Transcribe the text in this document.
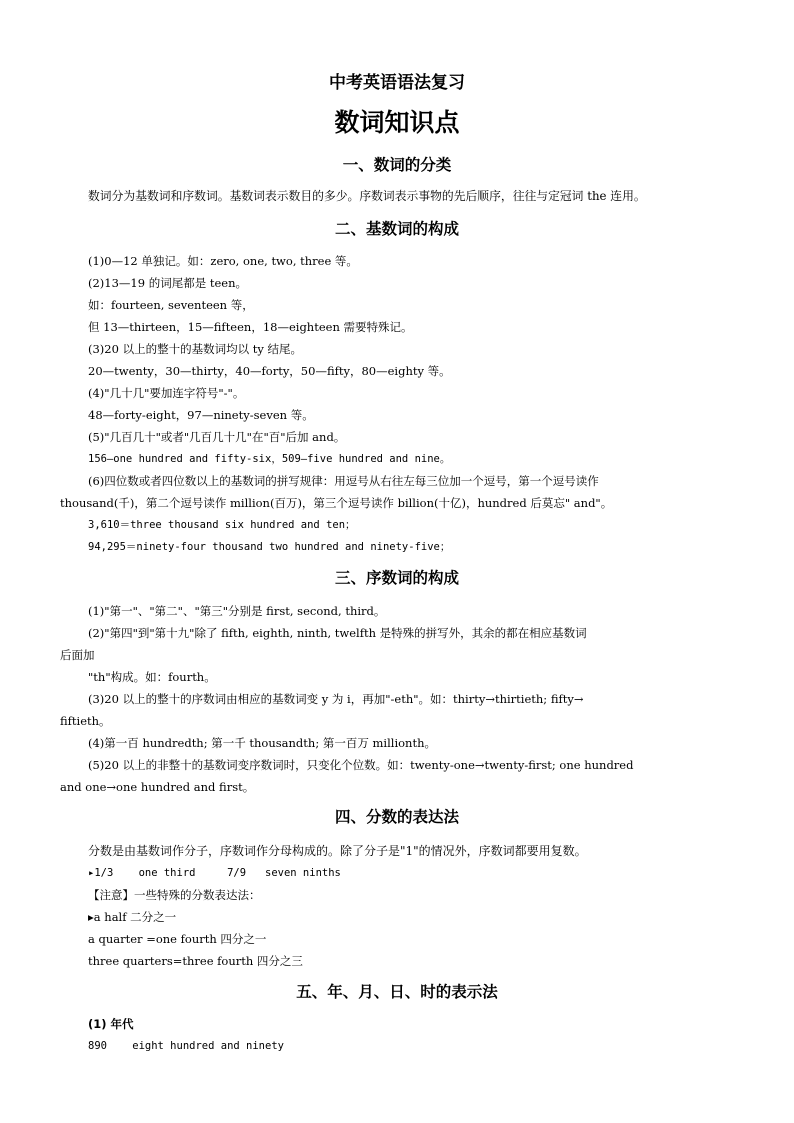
中考英语语法复习
数词知识点
一、数词的分类
数词分为基数词和序数词。基数词表示数目的多少。序数词表示事物的先后顺序，往往与定冠词 the 连用。
二、基数词的构成
(1)0—12 单独记。如：zero, one, two, three 等。
(2)13—19 的词尾都是 teen。
如：fourteen, seventeen 等，
但 13—thirteen，15—fifteen，18—eighteen 需要特殊记。
(3)20 以上的整十的基数词均以 ty 结尾。
20—twenty，30—thirty，40—forty，50—fifty，80—eighty 等。
(4)"几十几"要加连字符号"-"。
48—forty-eight，97—ninety-seven 等。
(5)"几百几十"或者"几百几十几"在"百"后加 and。
156—one hundred and fifty-six，509—five hundred and nine。
(6)四位数或者四位数以上的基数词的拼写规律：用逗号从右往左每三位加一个逗号，第一个逗号读作
thousand(千)，第二个逗号读作 million(百万)，第三个逗号读作 billion(十亿)，hundred 后莫忘" and"。
3,610＝three thousand six hundred and ten；
94,295＝ninety-four thousand two hundred and ninety-five；
三、序数词的构成
(1)"第一"、"第二"、"第三"分别是 first, second, third。
(2)"第四"到"第十九"除了 fifth, eighth, ninth, twelfth 是特殊的拼写外，其余的都在相应基数词
后面加
"th"构成。如：fourth。
(3)20 以上的整十的序数词由相应的基数词变 y 为 i，再加"-eth"。如：thirty→thirtieth; fifty→
fiftieth。
(4)第一百 hundredth; 第一千 thousandth; 第一百万 millionth。
(5)20 以上的非整十的基数词变序数词时，只变化个位数。如：twenty-one→twenty-first; one hundred
and one→one hundred and first。
四、分数的表达法
分数是由基数词作分子，序数词作分母构成的。除了分子是"1"的情况外，序数词都要用复数。
▸1/3    one third     7/9   seven ninths
【注意】一些特殊的分数表达法：
▸a half 二分之一
a quarter =one fourth 四分之一
three quarters=three fourth 四分之三
五、年、月、日、时的表示法
(1) 年代
890    eight hundred and ninety
